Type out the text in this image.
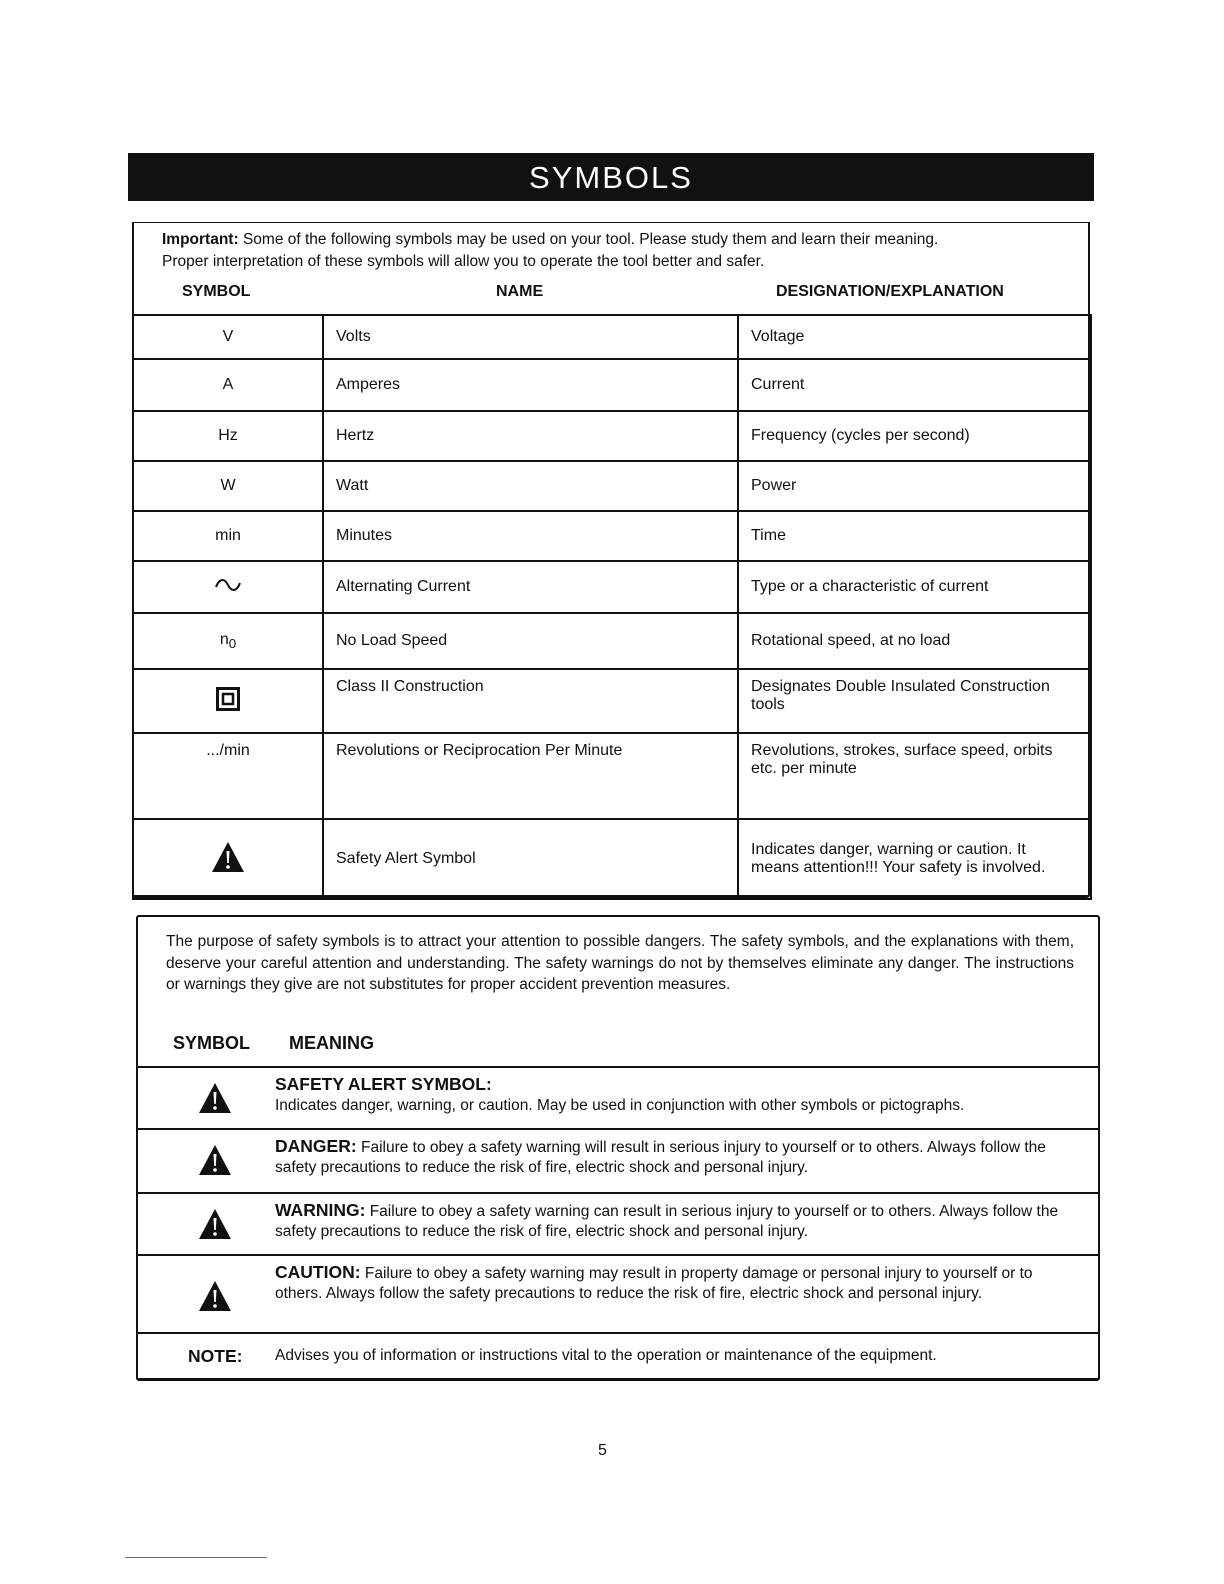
SYMBOLS
Important: Some of the following symbols may be used on your tool. Please study them and learn their meaning.
Proper interpretation of these symbols will allow you to operate the tool better and safer.
SYMBOL	NAME	DESIGNATION/EXPLANATION
V	Volts	Voltage
A	Amperes	Current
Hz	Hertz	Frequency (cycles per second)
W	Watt	Power
min	Minutes	Time
	Alternating Current	Type or a characteristic of current
$n_0$	No Load Speed	Rotational speed, at no load
	Class II Construction	Designates Double Insulated Construction tools
.../min	Revolutions or Reciprocation Per Minute	Revolutions, strokes, surface speed, orbits etc. per minute
	Safety Alert Symbol	Indicates danger, warning or caution. It means attention!!! Your safety is involved.
The purpose of safety symbols is to attract your attention to possible dangers. The safety symbols, and the explanations with them, deserve your careful attention and understanding. The safety warnings do not by themselves eliminate any danger. The instructions or warnings they give are not substitutes for proper accident prevention measures.
SYMBOL MEANING
SAFETY ALERT SYMBOL:
Indicates danger, warning, or caution. May be used in conjunction with other symbols or pictographs.
DANGER: Failure to obey a safety warning will result in serious injury to yourself or to others. Always follow the safety precautions to reduce the risk of fire, electric shock and personal injury.
WARNING: Failure to obey a safety warning can result in serious injury to yourself or to others. Always follow the safety precautions to reduce the risk of fire, electric shock and personal injury.
CAUTION: Failure to obey a safety warning may result in property damage or personal injury to yourself or to others. Always follow the safety precautions to reduce the risk of fire, electric shock and personal injury.
NOTE: Advises you of information or instructions vital to the operation or maintenance of the equipment.
5
